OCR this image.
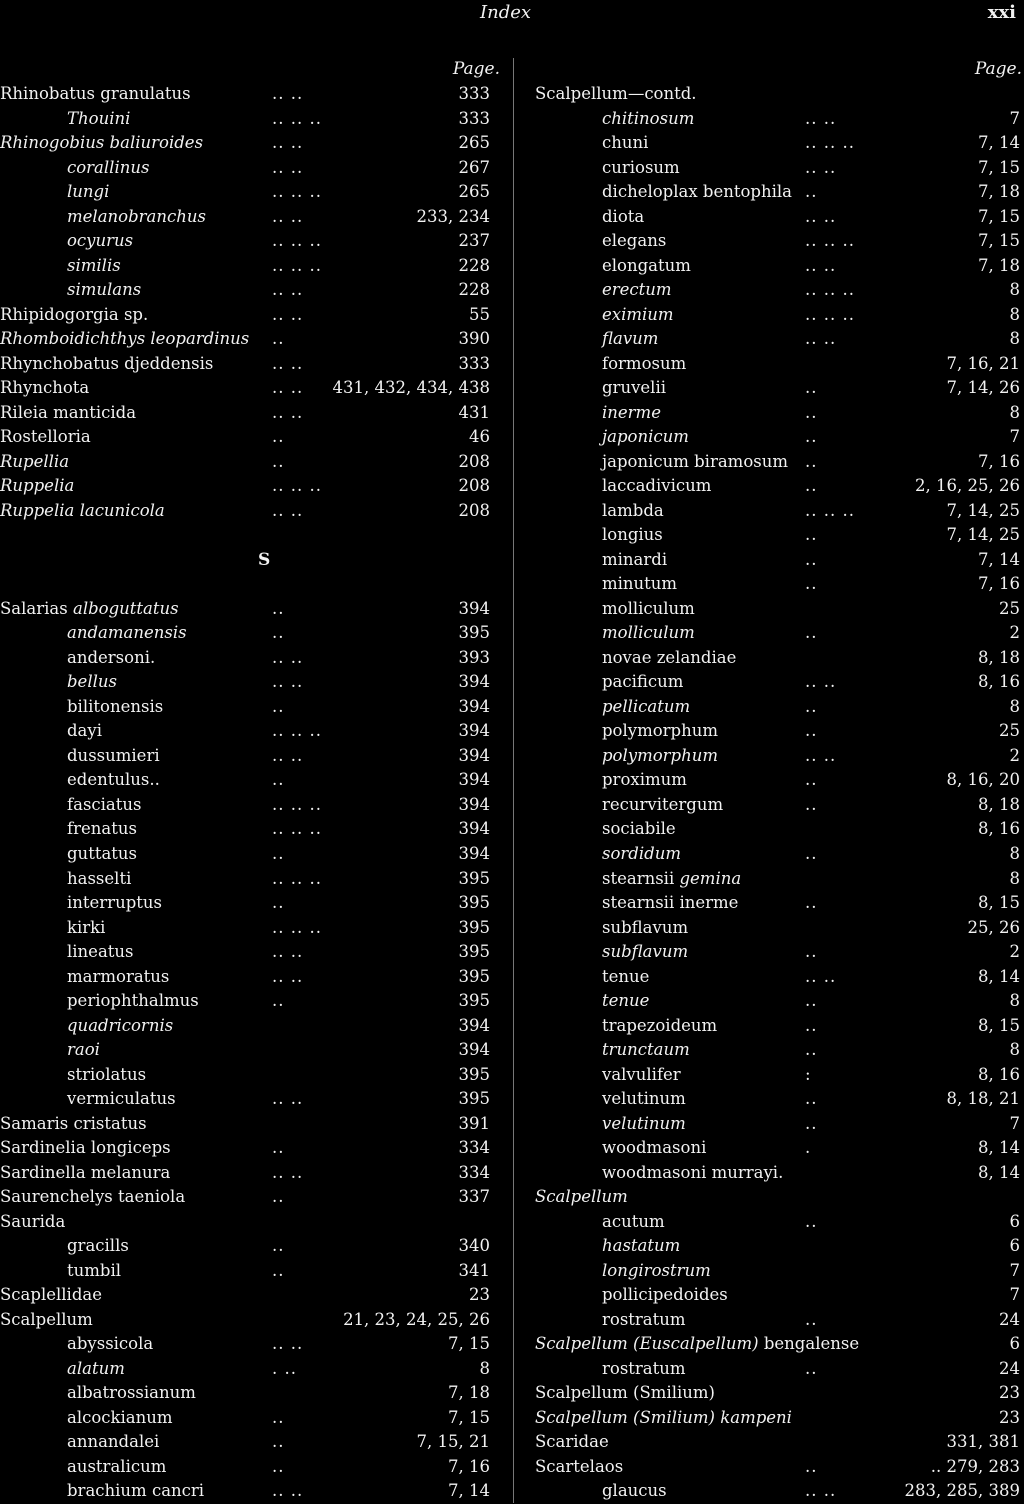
Index	xxi
Page.
Rhinobatus granulatus	.. ..	333
Thouini	.. .. ..	333
Rhinogobius baliuroides	.. ..	265
corallinus	.. ..	267
lungi	.. .. ..	265
melanobranchus	.. ..	233, 234
ocyurus	.. .. ..	237
similis	.. .. ..	228
simulans	.. ..	228
Rhipidogorgia sp.	.. ..	55
Rhomboidichthys leopardinus ..	390
Rhynchobatus djeddensis	.. ..	333
Rhynchota	.. .. 431, 432, 434, 438
Rileia manticida	.. ..	431
Rostelloria	..	46
Rupellia	..	208
Ruppelia	.. .. ..	208
Ruppelia lacunicola	.. ..	208
S
Salarias alboguttatus	..	394
andamanensis	..	395
andersoni.	.. ..	393
bellus	.. ..	394
bilitonensis	..	394
dayi	.. .. ..	394
dussumieri	.. ..	394
edentulus..	..	394
fasciatus	.. .. ..	394
frenatus	.. .. ..	394
guttatus	..	394
hasselti	.. .. ..	395
interruptus	..	395
kirki	.. .. ..	395
lineatus	.. ..	395
marmoratus	.. ..	395
periophthalmus	..	395
quadricornis	394
raoi	394
striolatus	395
vermiculatus	.. ..	395
Samaris cristatus	391
Sardinelia longiceps	..	334
Sardinella melanura	.. ..	334
Saurenchelys taeniola	..	337
Saurida
gracills	..	340
tumbil	..	341
Scaplellidae	23
Scalpellum	21, 23, 24, 25, 26
abyssicola	.. ..	7, 15
alatum	. ..	8
albatrossianum	7, 18
alcockianum	..	7, 15
annandalei	..	7, 15, 21
australicum	..	7, 16
brachium cancri	.. ..	7, 14
Page.
Scalpellum—contd.
chitinosum	.. ..	7
chuni	.. .. ..	7, 14
curiosum	.. ..	7, 15
dicheloplax bentophila ..	7, 18
diota	.. ..	7, 15
elegans	.. .. ..	7, 15
elongatum	.. ..	7, 18
erectum	.. .. ..	8
eximium	.. .. ..	8
flavum	.. ..	8
formosum	7, 16, 21
gruvelii	..	7, 14, 26
inerme	..	8
japonicum	..	7
japonicum biramosum ..	7, 16
laccadivicum	..	2, 16, 25, 26
lambda	.. .. ..	7, 14, 25
longius	..	7, 14, 25
minardi	..	7, 14
minutum	..	7, 16
molliculum	25
molliculum	..	2
novae zelandiae	8, 18
pacificum	.. ..	8, 16
pellicatum	..	8
polymorphum	..	25
polymorphum	.. ..	2
proximum	..	8, 16, 20
recurvitergum	..	8, 18
sociabile	8, 16
sordidum	..	8
stearnsii gemina	8
stearnsii inerme	..	8, 15
subflavum	25, 26
subflavum	..	2
tenue	.. ..	8, 14
tenue	..	8
trapezoideum	..	8, 15
trunctaum	..	8
valvulifer	:	8, 16
velutinum	..	8, 18, 21
velutinum	..	7
woodmasoni	.	8, 14
woodmasoni murrayi.	8, 14
Scalpellum
acutum	..	6
hastatum	6
longirostrum	7
pollicipedoides	7
rostratum	..	24
Scalpellum (Euscalpellum) bengalense	6
rostratum	..	24
Scalpellum (Smilium)	23
Scalpellum (Smilium) kampeni	23
Scaridae	331, 381
Scartelaos	..	.. 279, 283
glaucus	.. ..	283, 285, 389
